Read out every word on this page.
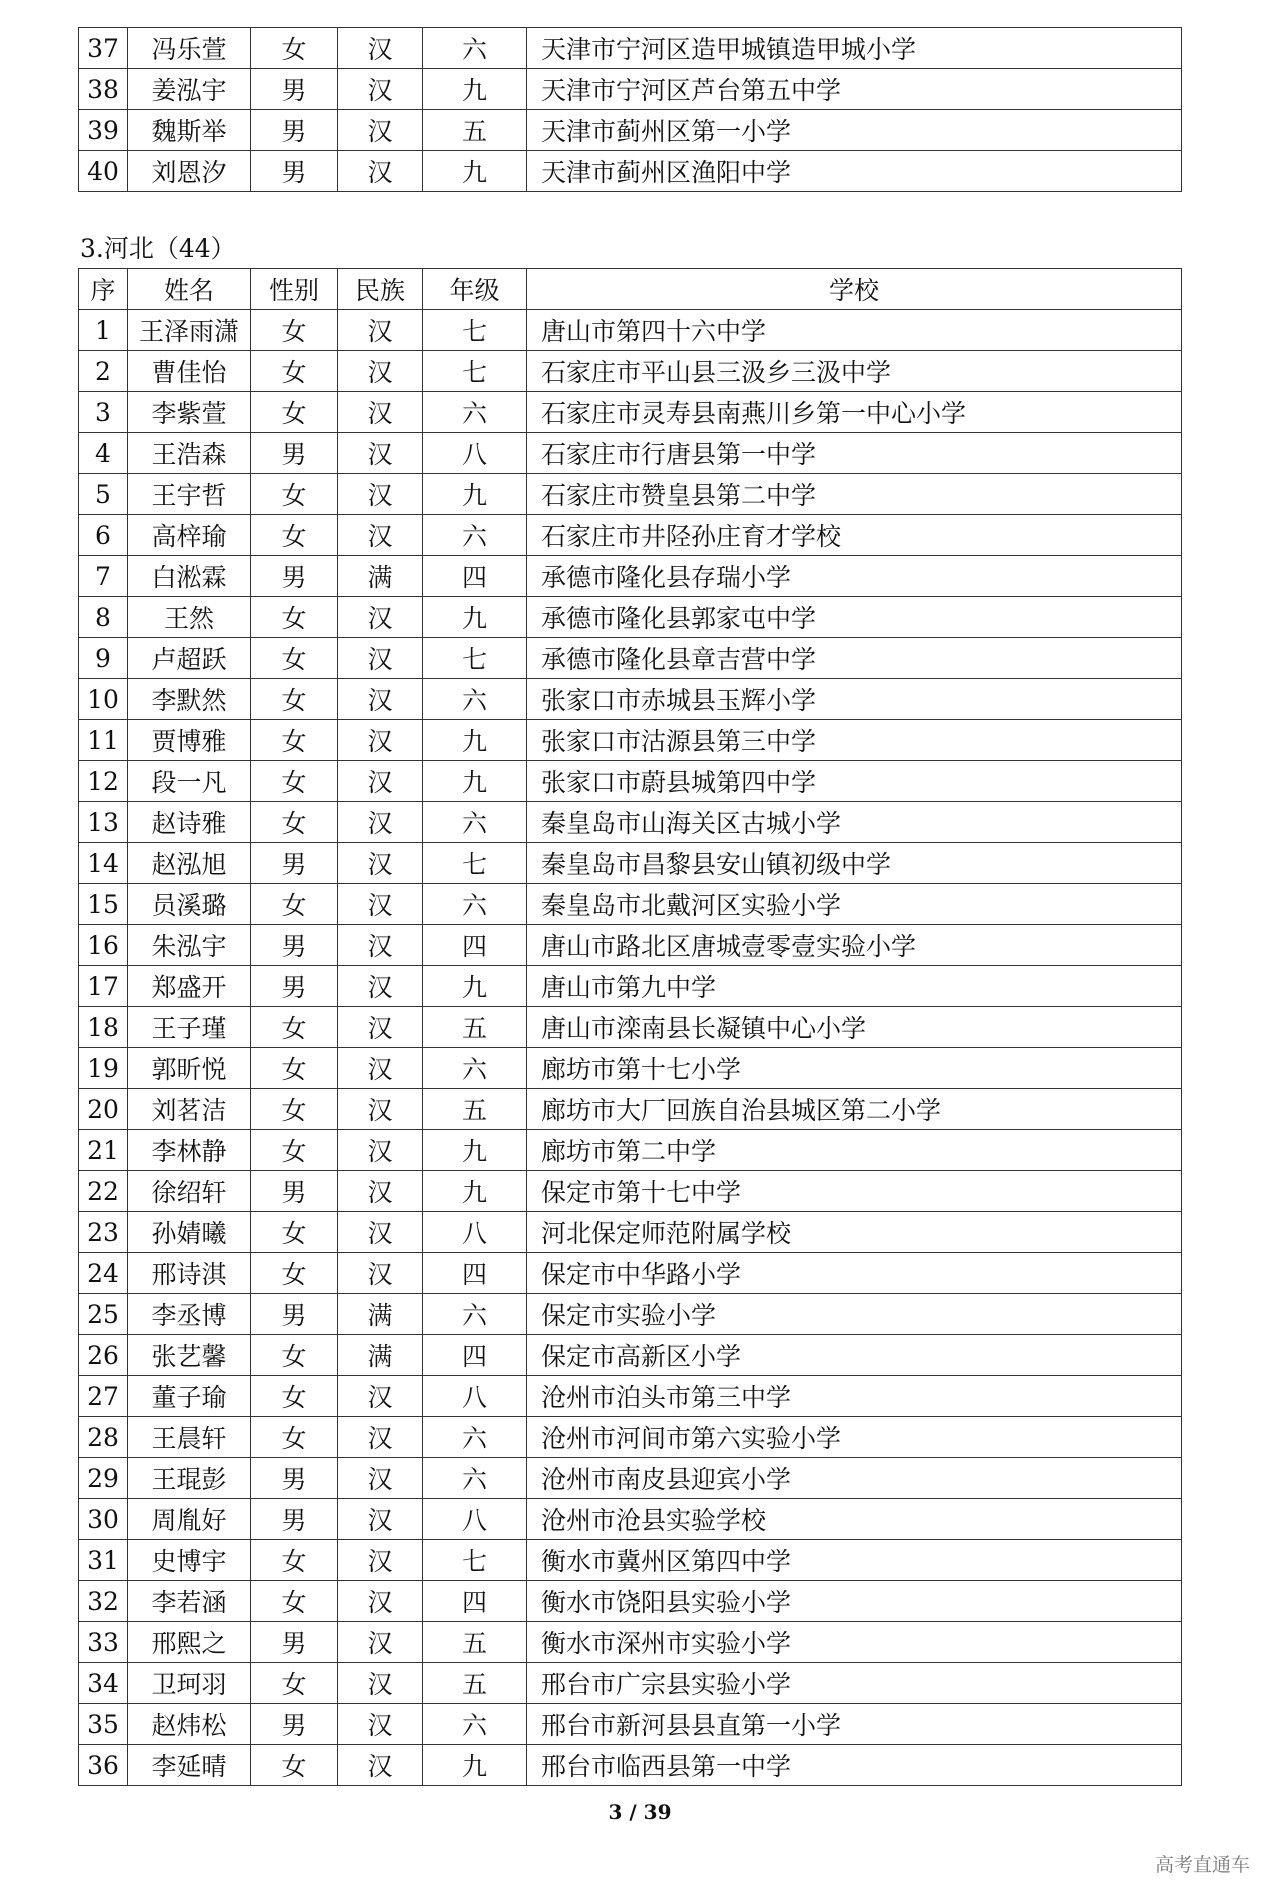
37	冯乐萱	女	汉	六	天津市宁河区造甲城镇造甲城小学
38	姜泓宇	男	汉	九	天津市宁河区芦台第五中学
39	魏斯举	男	汉	五	天津市蓟州区第一小学
40	刘恩汐	男	汉	九	天津市蓟州区渔阳中学
3.河北（44）
序	姓名	性别	民族	年级	学校
1	王泽雨潇	女	汉	七	唐山市第四十六中学
2	曹佳怡	女	汉	七	石家庄市平山县三汲乡三汲中学
3	李紫萱	女	汉	六	石家庄市灵寿县南燕川乡第一中心小学
4	王浩森	男	汉	八	石家庄市行唐县第一中学
5	王宇哲	女	汉	九	石家庄市赞皇县第二中学
6	高梓瑜	女	汉	六	石家庄市井陉孙庄育才学校
7	白淞霖	男	满	四	承德市隆化县存瑞小学
8	王然	女	汉	九	承德市隆化县郭家屯中学
9	卢超跃	女	汉	七	承德市隆化县章吉营中学
10	李默然	女	汉	六	张家口市赤城县玉辉小学
11	贾博雅	女	汉	九	张家口市沽源县第三中学
12	段一凡	女	汉	九	张家口市蔚县城第四中学
13	赵诗雅	女	汉	六	秦皇岛市山海关区古城小学
14	赵泓旭	男	汉	七	秦皇岛市昌黎县安山镇初级中学
15	员溪璐	女	汉	六	秦皇岛市北戴河区实验小学
16	朱泓宇	男	汉	四	唐山市路北区唐城壹零壹实验小学
17	郑盛开	男	汉	九	唐山市第九中学
18	王子瑾	女	汉	五	唐山市滦南县长凝镇中心小学
19	郭昕悦	女	汉	六	廊坊市第十七小学
20	刘茗洁	女	汉	五	廊坊市大厂回族自治县城区第二小学
21	李林静	女	汉	九	廊坊市第二中学
22	徐绍轩	男	汉	九	保定市第十七中学
23	孙婧曦	女	汉	八	河北保定师范附属学校
24	邢诗淇	女	汉	四	保定市中华路小学
25	李丞博	男	满	六	保定市实验小学
26	张艺馨	女	满	四	保定市高新区小学
27	董子瑜	女	汉	八	沧州市泊头市第三中学
28	王晨轩	女	汉	六	沧州市河间市第六实验小学
29	王琨彭	男	汉	六	沧州市南皮县迎宾小学
30	周胤好	男	汉	八	沧州市沧县实验学校
31	史博宇	女	汉	七	衡水市冀州区第四中学
32	李若涵	女	汉	四	衡水市饶阳县实验小学
33	邢熙之	男	汉	五	衡水市深州市实验小学
34	卫珂羽	女	汉	五	邢台市广宗县实验小学
35	赵炜松	男	汉	六	邢台市新河县县直第一小学
36	李延晴	女	汉	九	邢台市临西县第一中学
3 / 39
高考直通车
